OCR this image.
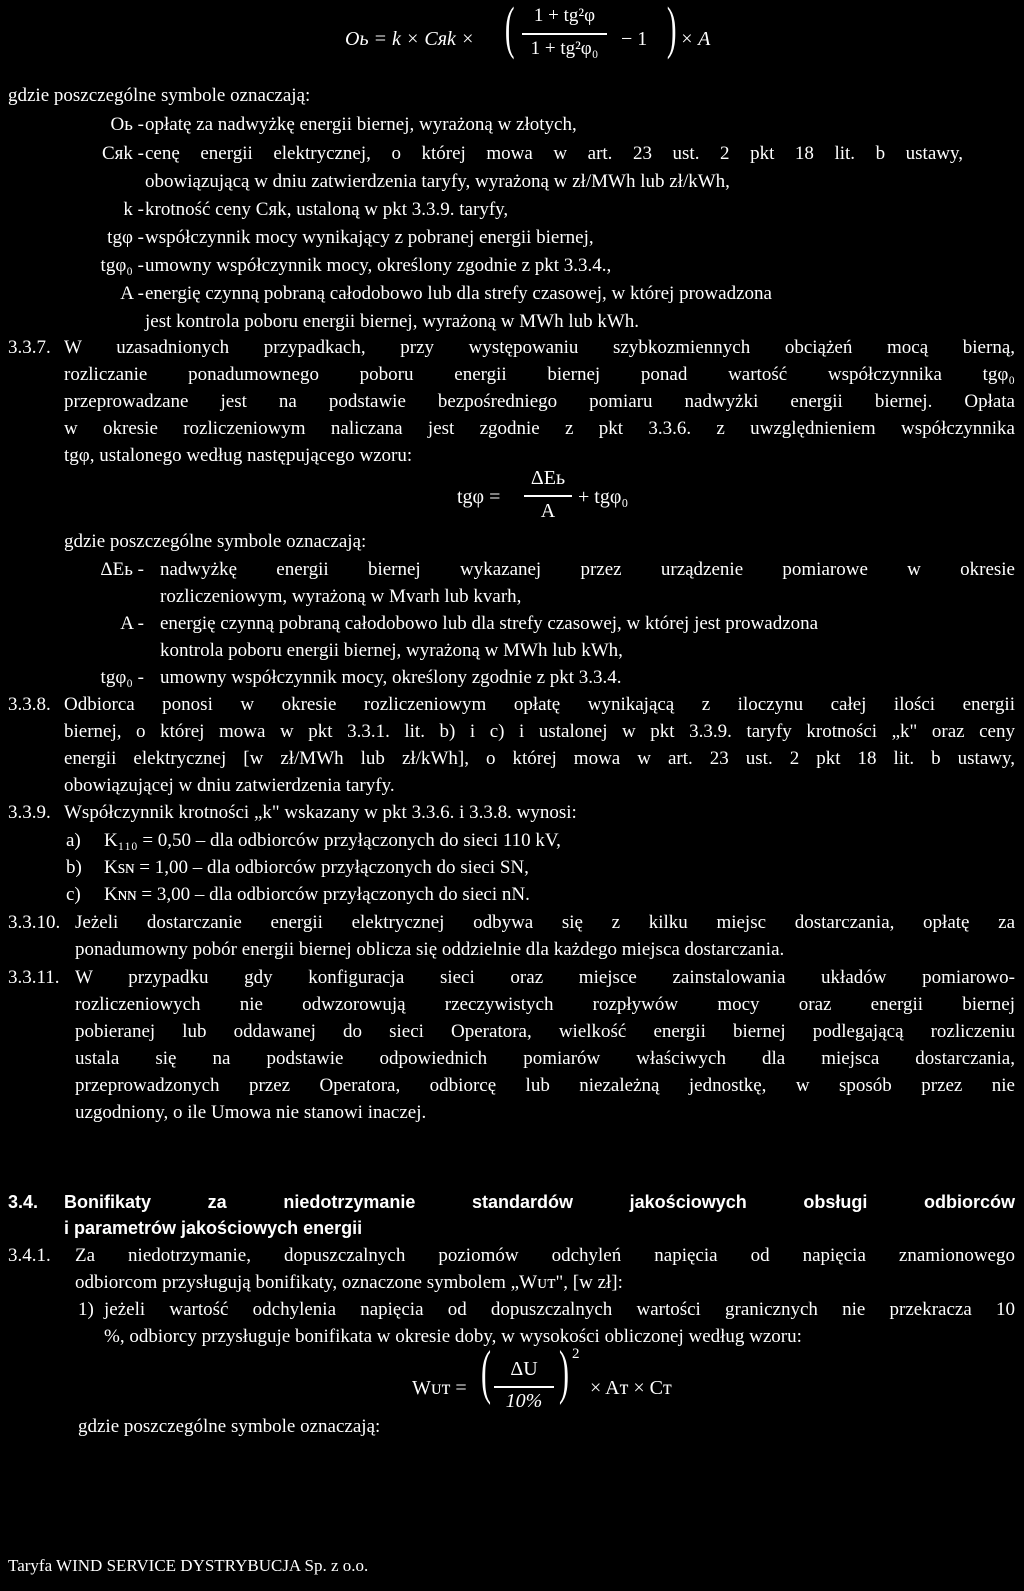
Oь = k × Cяk × (	1 + tg²φ
1 + tg²φ₀	− 1 ) × A
gdzie poszczególne symbole oznaczają:
Oь - opłatę za nadwyżkę energii biernej, wyrażoną w złotych,
Cяk - cenę energii elektrycznej, o której mowa w art. 23 ust. 2 pkt 18 lit. b ustawy,
obowiązującą w dniu zatwierdzenia taryfy, wyrażoną w zł/MWh lub zł/kWh,
k - krotność ceny Cяk, ustaloną w pkt 3.3.9. taryfy,
tgφ - współczynnik mocy wynikający z pobranej energii biernej,
tgφ₀ - umowny współczynnik mocy, określony zgodnie z pkt 3.3.4.,
A - energię czynną pobraną całodobowo lub dla strefy czasowej, w której prowadzona
jest kontrola poboru energii biernej, wyrażoną w MWh lub kWh.
3.3.7. W uzasadnionych przypadkach, przy występowaniu szybkozmiennych obciążeń mocą bierną,
rozliczanie ponadumownego poboru energii biernej ponad wartość współczynnika tgφ₀
przeprowadzane jest na podstawie bezpośredniego pomiaru nadwyżki energii biernej. Opłata
w okresie rozliczeniowym naliczana jest zgodnie z pkt 3.3.6. z uwzględnieniem współczynnika
tgφ, ustalonego według następującego wzoru:
tgφ =
ΔEь
A
+ tgφ₀
gdzie poszczególne symbole oznaczają:
ΔEь - nadwyżkę energii biernej wykazanej przez urządzenie pomiarowe w okresie
rozliczeniowym, wyrażoną w Mvarh lub kvarh,
A - energię czynną pobraną całodobowo lub dla strefy czasowej, w której jest prowadzona
kontrola poboru energii biernej, wyrażoną w MWh lub kWh,
tgφ₀ - umowny współczynnik mocy, określony zgodnie z pkt 3.3.4.
3.3.8. Odbiorca ponosi w okresie rozliczeniowym opłatę wynikającą z iloczynu całej ilości energii
biernej, o której mowa w pkt 3.3.1. lit. b) i c) i ustalonej w pkt 3.3.9. taryfy krotności „k" oraz ceny
energii elektrycznej [w zł/MWh lub zł/kWh], o której mowa w art. 23 ust. 2 pkt 18 lit. b ustawy,
obowiązującej w dniu zatwierdzenia taryfy.
3.3.9. Współczynnik krotności „k" wskazany w pkt 3.3.6. i 3.3.8. wynosi:
a) K₁₁₀ = 0,50 – dla odbiorców przyłączonych do sieci 110 kV,
b) Kѕɴ = 1,00 – dla odbiorców przyłączonych do sieci SN,
c) Kɴɴ = 3,00 – dla odbiorców przyłączonych do sieci nN.
3.3.10. Jeżeli dostarczanie energii elektrycznej odbywa się z kilku miejsc dostarczania, opłatę za
ponadumowny pobór energii biernej oblicza się oddzielnie dla każdego miejsca dostarczania.
3.3.11. W przypadku gdy konfiguracja sieci oraz miejsce zainstalowania układów pomiarowo-
rozliczeniowych nie odwzorowują rzeczywistych rozpływów mocy oraz energii biernej
pobieranej lub oddawanej do sieci Operatora, wielkość energii biernej podlegającą rozliczeniu
ustala się na podstawie odpowiednich pomiarów właściwych dla miejsca dostarczania,
przeprowadzonych przez Operatora, odbiorcę lub niezależną jednostkę, w sposób przez nie
uzgodniony, o ile Umowa nie stanowi inaczej.
3.4. Bonifikaty za niedotrzymanie standardów jakościowych obsługi odbiorców
i parametrów jakościowych energii
3.4.1. Za niedotrzymanie, dopuszczalnych poziomów odchyleń napięcia od napięcia znamionowego
odbiorcom przysługują bonifikaty, oznaczone symbolem „Wᴜᴛ", [w zł]:
1) jeżeli wartość odchylenia napięcia od dopuszczalnych wartości granicznych nie przekracza 10
%, odbiorcy przysługuje bonifikata w okresie doby, w wysokości obliczonej według wzoru:
Wᴜᴛ = ( ΔU
10% ) 2
× Aᴛ × Cᴛ
gdzie poszczególne symbole oznaczają:
Taryfa WIND SERVICE DYSTRYBUCJA Sp. z o.o.
